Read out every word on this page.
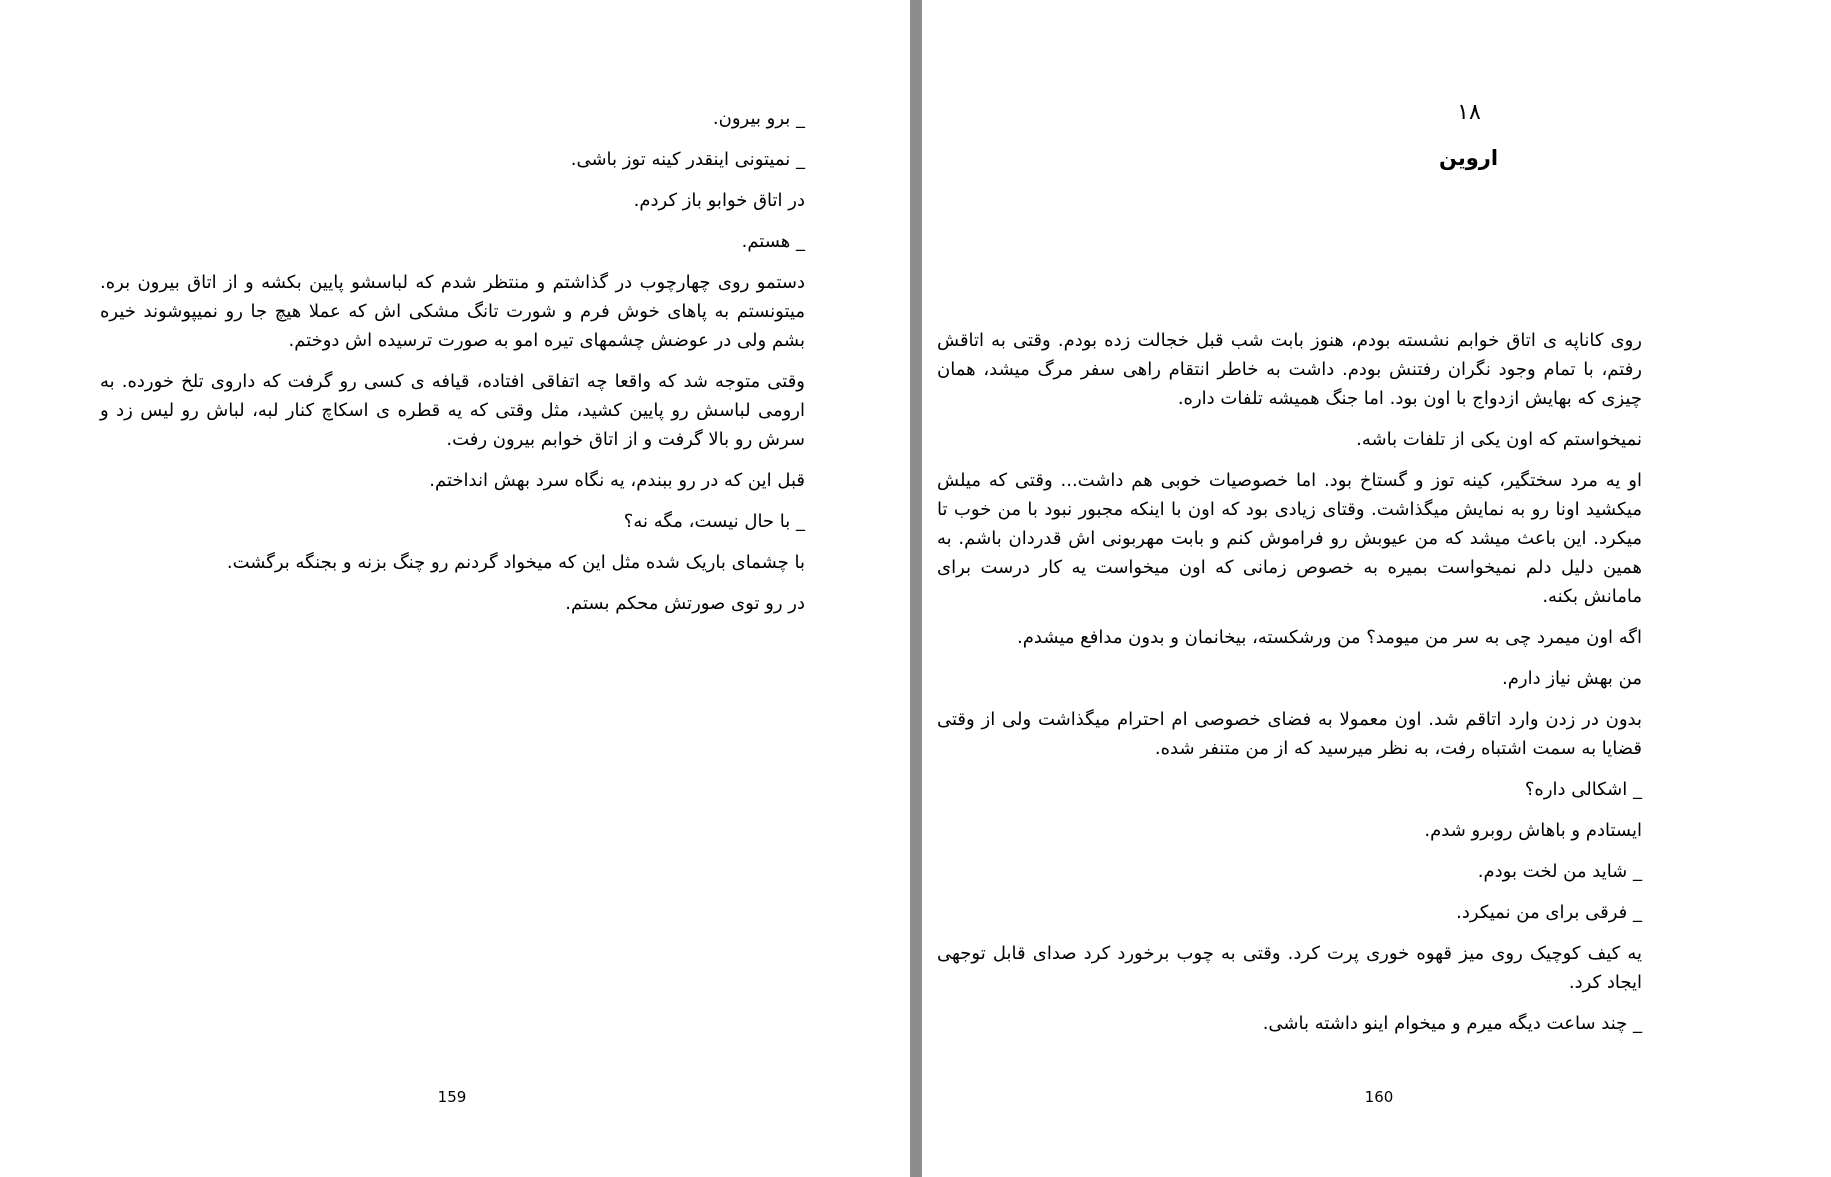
_ برو بیرون.

_ نمیتونی اینقدر کینه توز باشی.

در اتاق خوابو باز کردم.

_ هستم.

دستمو روی چهارچوب در گذاشتم و منتظر شدم که لباسشو پایین بکشه و از اتاق بیرون بره. میتونستم به پاهای خوش فرم و شورت تانگ مشکی اش که عملا هیچ جا رو نمیپوشوند خیره بشم ولی در عوضش چشمهای تیره امو به صورت ترسیده اش دوختم.

وقتی متوجه شد که واقعا چه اتفاقی افتاده، قیافه ی کسی رو گرفت که داروی تلخ خورده. به ارومی لباسش رو پایین کشید، مثل وقتی که یه قطره ی اسکاچ کنار لبه، لباش رو لیس زد و سرش رو بالا گرفت و از اتاق خوابم بیرون رفت.

قبل این که در رو ببندم، یه نگاه سرد بهش انداختم.

_ با حال نیست، مگه نه؟

با چشمای باریک شده مثل این که میخواد گردنم رو چنگ بزنه و بجنگه برگشت.

در رو توی صورتش محکم بستم.

159
۱۸
اروین

روی کاناپه ی اتاق خوابم نشسته بودم، هنوز بابت شب قبل خجالت زده بودم. وقتی به اتاقش رفتم، با تمام وجود نگران رفتنش بودم. داشت به خاطر انتقام راهی سفر مرگ میشد، همان چیزی که بهایش ازدواج با اون بود. اما جنگ همیشه تلفات داره.

نمیخواستم که اون یکی از تلفات باشه.

او یه مرد سختگیر، کینه توز و گستاخ بود. اما خصوصیات خوبی هم داشت... وقتی که میلش میکشید اونا رو به نمایش میگذاشت. وقتای زیادی بود که اون با اینکه مجبور نبود با من خوب تا میکرد. این باعث میشد که من عیوبش رو فراموش کنم و بابت مهربونی اش قدردان باشم. به همین دلیل دلم نمیخواست بمیره به خصوص زمانی که اون میخواست یه کار درست برای مامانش بکنه.

اگه اون میمرد چی به سر من میومد؟ من ورشکسته، بیخانمان و بدون مدافع میشدم.

من بهش نیاز دارم.

بدون در زدن وارد اتاقم شد. اون معمولا به فضای خصوصی ام احترام میگذاشت ولی از وقتی قضایا به سمت اشتباه رفت، به نظر میرسید که از من متنفر شده.

_ اشکالی داره؟

ایستادم و باهاش روبرو شدم.

_ شاید من لخت بودم.

_ فرقی برای من نمیکرد.

یه کیف کوچیک روی میز قهوه خوری پرت کرد. وقتی به چوب برخورد کرد صدای قابل توجهی ایجاد کرد.

_ چند ساعت دیگه میرم و میخوام اینو داشته باشی.

160
